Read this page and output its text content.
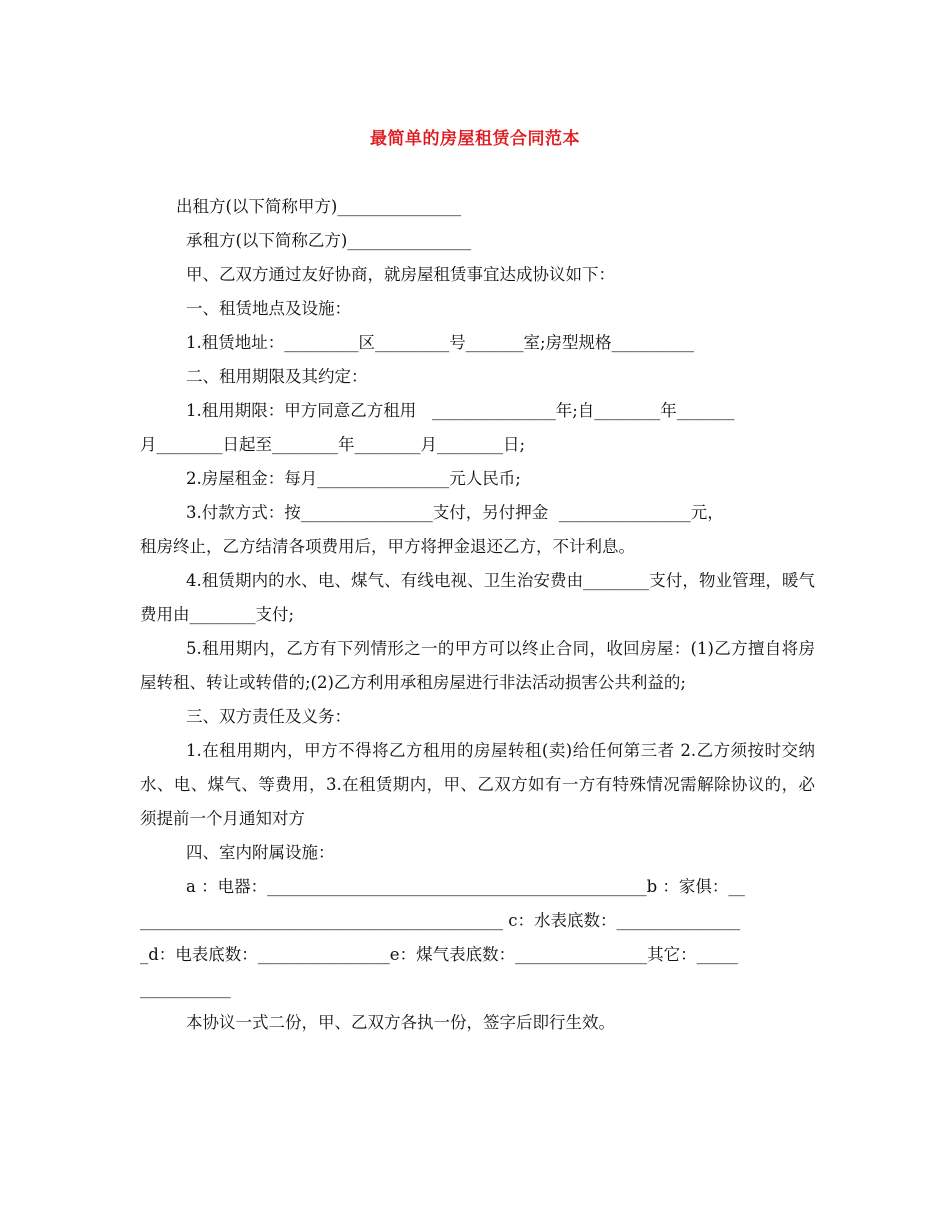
最简单的房屋租赁合同范本
出租方(以下简称甲方)_______________
承租方(以下简称乙方)_______________
甲、乙双方通过友好协商，就房屋租赁事宜达成协议如下：
一、租赁地点及设施：
1.租赁地址：_________区_________号_______室;房型规格__________
二、租用期限及其约定：
1.租用期限：甲方同意乙方租用   _______________年;自________年_______
月________日起至________年________月________日;
2.房屋租金：每月________________元人民币;
3.付款方式：按________________支付，另付押金  ________________元，
租房终止，乙方结清各项费用后，甲方将押金退还乙方，不计利息。
4.租赁期内的水、电、煤气、有线电视、卫生治安费由________支付，物业管理，暖气费用由________支付;
5.租用期内，乙方有下列情形之一的甲方可以终止合同，收回房屋：(1)乙方擅自将房屋转租、转让或转借的;(2)乙方利用承租房屋进行非法活动损害公共利益的;
三、双方责任及义务：
1.在租用期内，甲方不得将乙方租用的房屋转租(卖)给任何第三者 2.乙方须按时交纳水、电、煤气、等费用，3.在租赁期内，甲、乙双方如有一方有特殊情况需解除协议的，必须提前一个月通知对方
四、室内附属设施：
a ：电器：______________________________________________b ：家俱：__
____________________________________________ c：水表底数：_______________
_d：电表底数：________________e：煤气表底数：________________其它：_____
___________
本协议一式二份，甲、乙双方各执一份，签字后即行生效。
